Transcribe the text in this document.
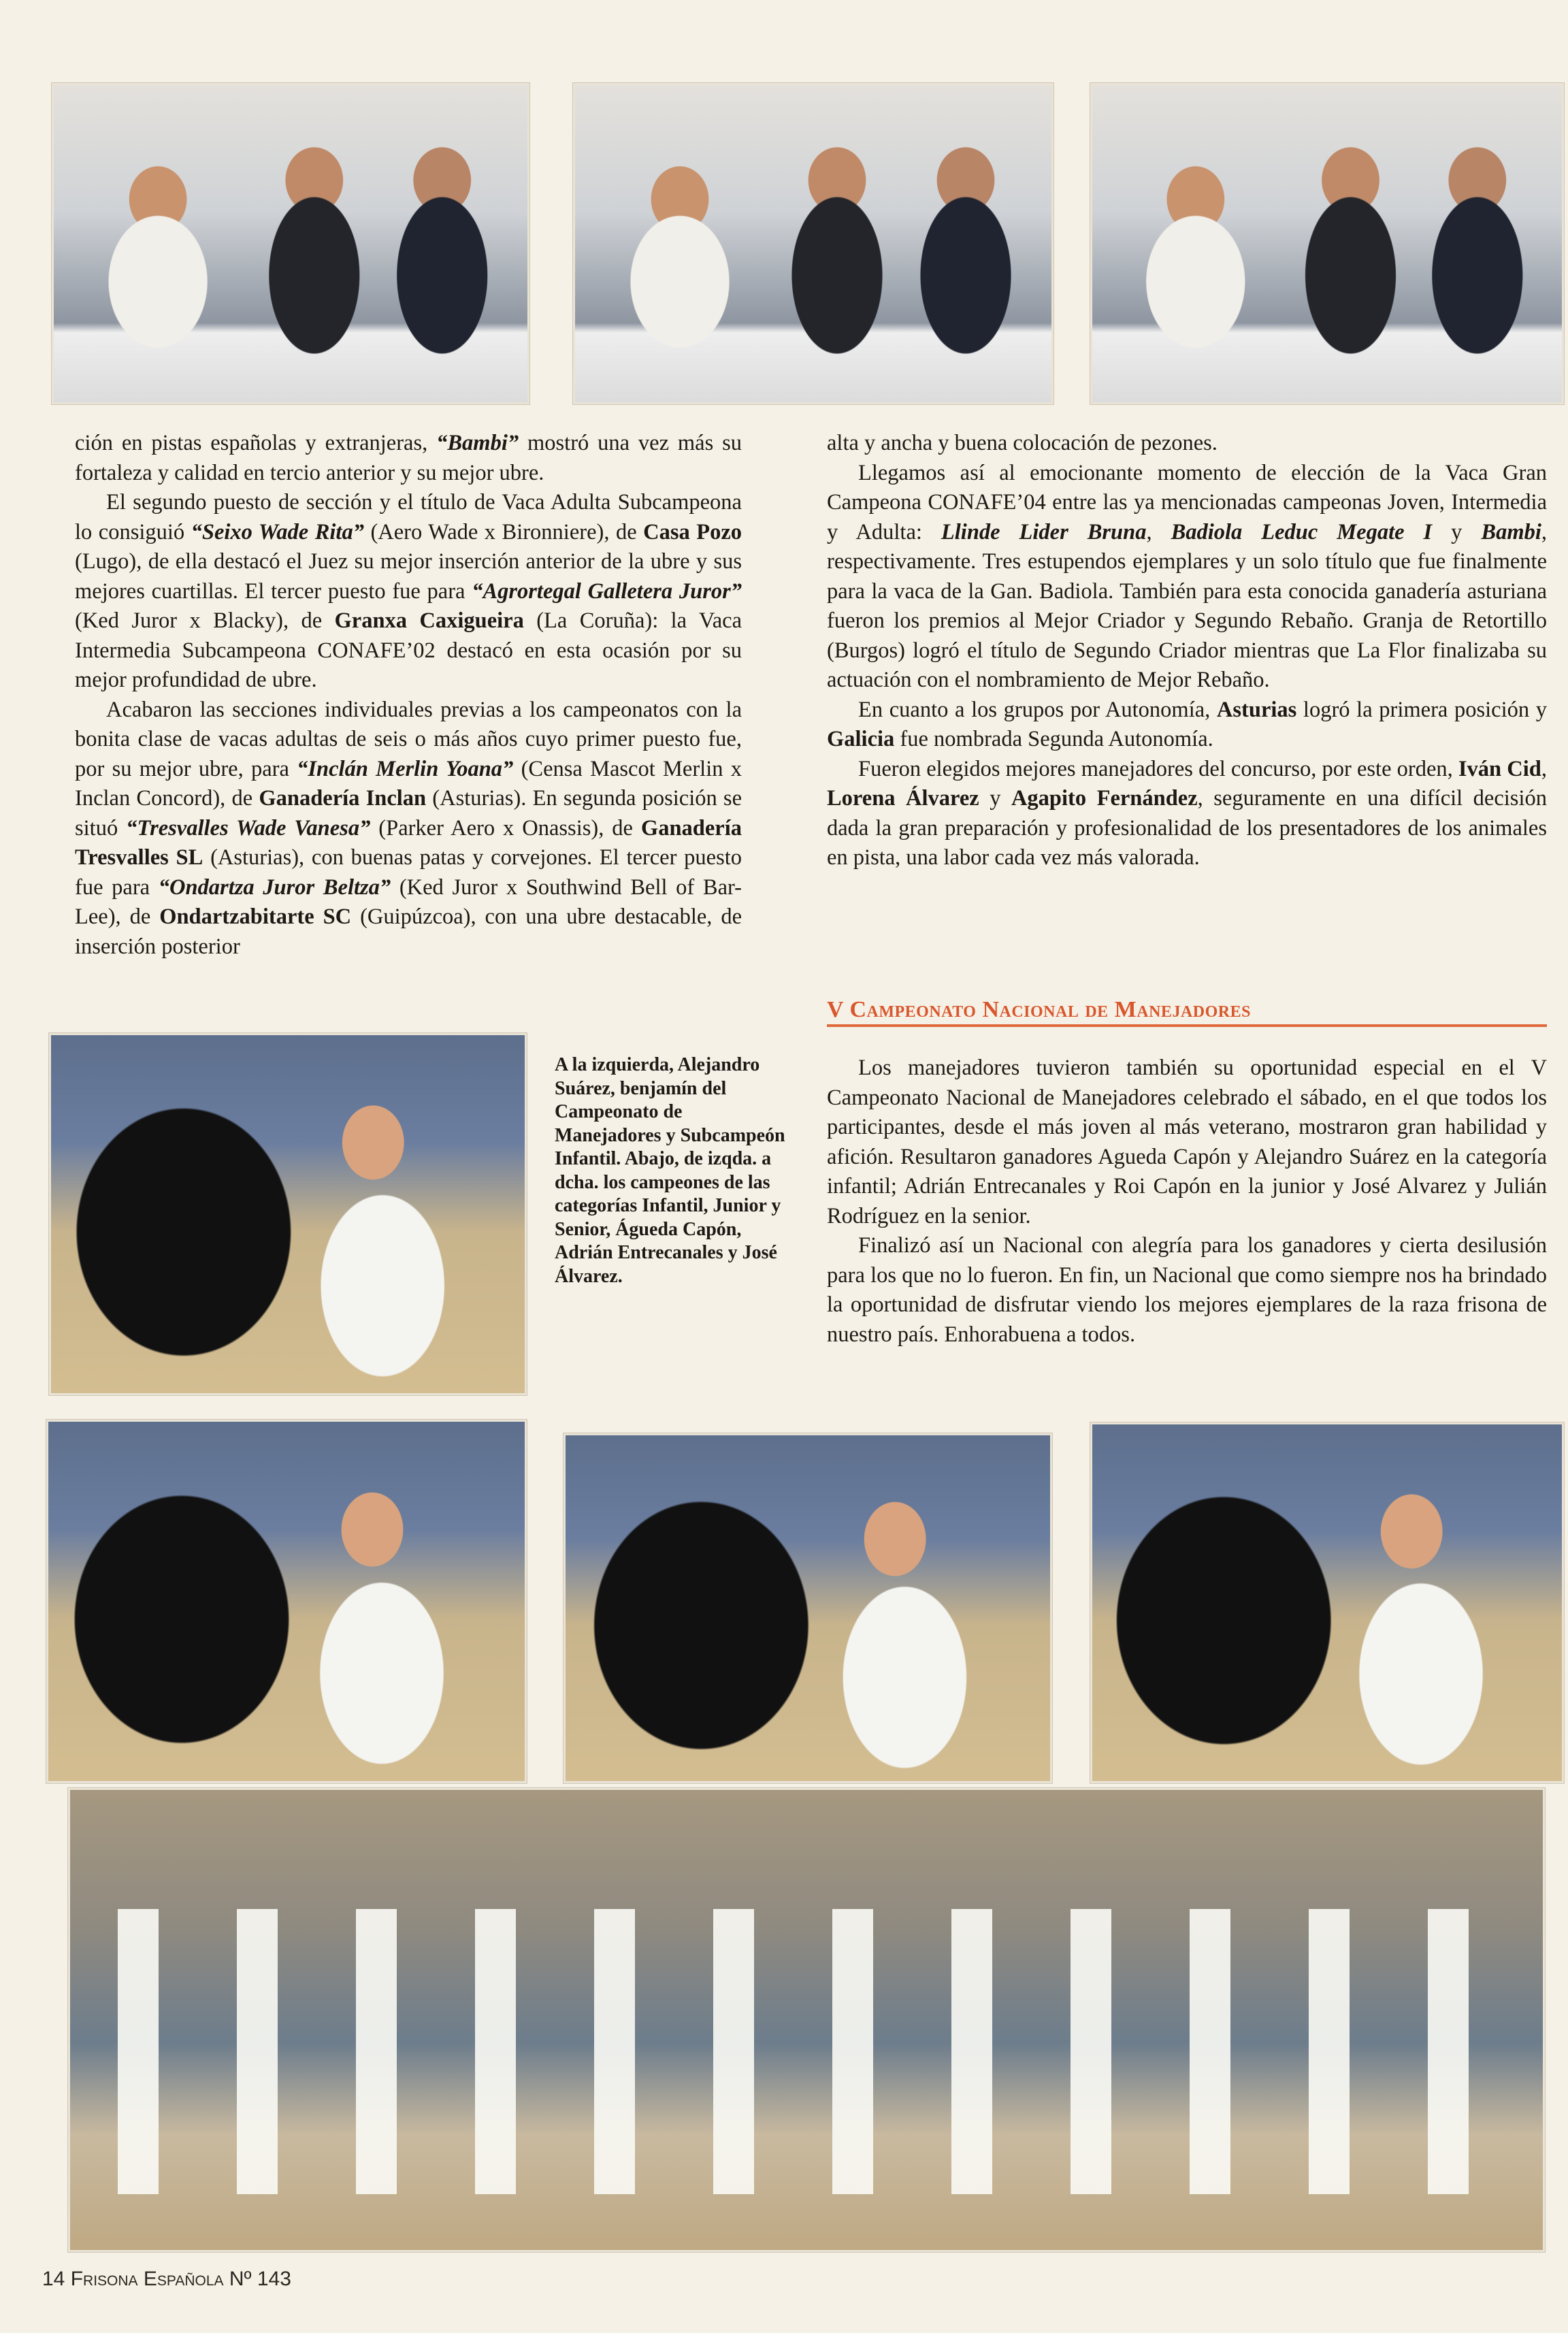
ción en pistas españolas y extranjeras, “Bambi” mostró una vez más su fortaleza y calidad en tercio anterior y su mejor ubre.

El segundo puesto de sección y el título de Vaca Adulta Subcampeona lo consiguió “Seixo Wade Rita” (Aero Wade x Bironniere), de Casa Pozo (Lugo), de ella destacó el Juez su mejor inserción anterior de la ubre y sus mejores cuartillas. El tercer puesto fue para “Agrortegal Galletera Juror” (Ked Juror x Blacky), de Granxa Caxigueira (La Coruña): la Vaca Intermedia Subcampeona CONAFE’02 destacó en esta ocasión por su mejor profundidad de ubre.

Acabaron las secciones individuales previas a los campeonatos con la bonita clase de vacas adultas de seis o más años cuyo primer puesto fue, por su mejor ubre, para “Inclán Merlin Yoana” (Censa Mascot Merlin x Inclan Concord), de Ganadería Inclan (Asturias). En segunda posición se situó “Tresvalles Wade Vanesa” (Parker Aero x Onassis), de Ganadería Tresvalles SL (Asturias), con buenas patas y corvejones. El tercer puesto fue para “Ondartza Juror Beltza” (Ked Juror x Southwind Bell of Bar-Lee), de Ondartzabitarte SC (Guipúzcoa), con una ubre destacable, de inserción posterior

alta y ancha y buena colocación de pezones.

Llegamos así al emocionante momento de elección de la Vaca Gran Campeona CONAFE’04 entre las ya mencionadas campeonas Joven, Intermedia y Adulta: Llinde Lider Bruna, Badiola Leduc Megate I y Bambi, respectivamente. Tres estupendos ejemplares y un solo título que fue finalmente para la vaca de la Gan. Badiola. También para esta conocida ganadería asturiana fueron los premios al Mejor Criador y Segundo Rebaño. Granja de Retortillo (Burgos) logró el título de Segundo Criador mientras que La Flor finalizaba su actuación con el nombramiento de Mejor Rebaño.

En cuanto a los grupos por Autonomía, Asturias logró la primera posición y Galicia fue nombrada Segunda Autonomía.

Fueron elegidos mejores manejadores del concurso, por este orden, Iván Cid, Lorena Álvarez y Agapito Fernández, seguramente en una difícil decisión dada la gran preparación y profesionalidad de los presentadores de los animales en pista, una labor cada vez más valorada.

V Campeonato Nacional de Manejadores

Los manejadores tuvieron también su oportunidad especial en el V Campeonato Nacional de Manejadores celebrado el sábado, en el que todos los participantes, desde el más joven al más veterano, mostraron gran habilidad y afición. Resultaron ganadores Agueda Capón y Alejandro Suárez en la categoría infantil; Adrián Entrecanales y Roi Capón en la junior y José Alvarez y Julián Rodríguez en la senior.

Finalizó así un Nacional con alegría para los ganadores y cierta desilusión para los que no lo fueron. En fin, un Nacional que como siempre nos ha brindado la oportunidad de disfrutar viendo los mejores ejemplares de la raza frisona de nuestro país. Enhorabuena a todos.

A la izquierda, Alejandro Suárez, benjamín del Campeonato de Manejadores y Subcampeón Infantil. Abajo, de izqda. a dcha. los campeones de las categorías Infantil, Junior y Senior, Águeda Capón, Adrián Entrecanales y José Álvarez.
14 Frisona Española Nº 143
